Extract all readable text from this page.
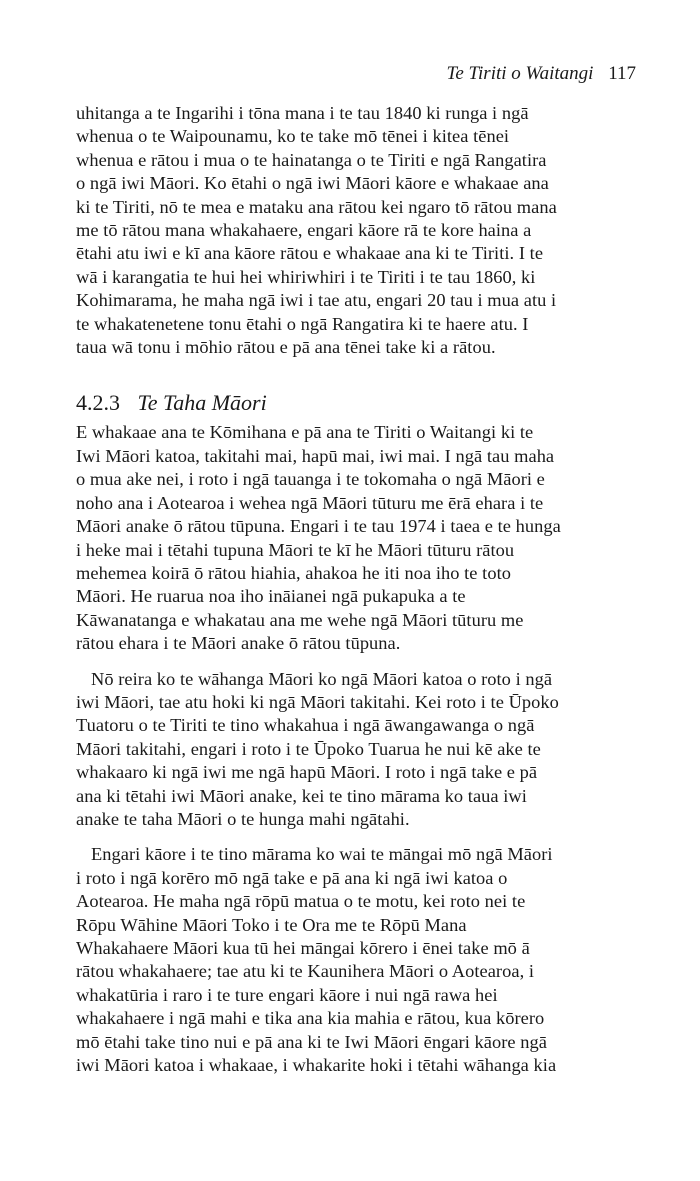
Te Tiriti o Waitangi 117
uhitanga a te Ingarihi i tōna mana i te tau 1840 ki runga i ngā
whenua o te Waipounamu, ko te take mō tēnei i kitea tēnei
whenua e rātou i mua o te hainatanga o te Tiriti e ngā Rangatira
o ngā iwi Māori. Ko ētahi o ngā iwi Māori kāore e whakaae ana
ki te Tiriti, nō te mea e mataku ana rātou kei ngaro tō rātou mana
me tō rātou mana whakahaere, engari kāore rā te kore haina a
ētahi atu iwi e kī ana kāore rātou e whakaae ana ki te Tiriti. I te
wā i karangatia te hui hei whiriwhiri i te Tiriti i te tau 1860, ki
Kohimarama, he maha ngā iwi i tae atu, engari 20 tau i mua atu i
te whakatenetene tonu ētahi o ngā Rangatira ki te haere atu. I
taua wā tonu i mōhio rātou e pā ana tēnei take ki a rātou.
4.2.3 Te Taha Māori
E whakaae ana te Kōmihana e pā ana te Tiriti o Waitangi ki te
Iwi Māori katoa, takitahi mai, hapū mai, iwi mai. I ngā tau maha
o mua ake nei, i roto i ngā tauanga i te tokomaha o ngā Māori e
noho ana i Aotearoa i wehea ngā Māori tūturu me ērā ehara i te
Māori anake ō rātou tūpuna. Engari i te tau 1974 i taea e te hunga
i heke mai i tētahi tupuna Māori te kī he Māori tūturu rātou
mehemea koirā ō rātou hiahia, ahakoa he iti noa iho te toto
Māori. He ruarua noa iho ināianei ngā pukapuka a te
Kāwanatanga e whakatau ana me wehe ngā Māori tūturu me
rātou ehara i te Māori anake ō rātou tūpuna.
Nō reira ko te wāhanga Māori ko ngā Māori katoa o roto i ngā
iwi Māori, tae atu hoki ki ngā Māori takitahi. Kei roto i te Ūpoko
Tuatoru o te Tiriti te tino whakahua i ngā āwangawanga o ngā
Māori takitahi, engari i roto i te Ūpoko Tuarua he nui kē ake te
whakaaro ki ngā iwi me ngā hapū Māori. I roto i ngā take e pā
ana ki tētahi iwi Māori anake, kei te tino mārama ko taua iwi
anake te taha Māori o te hunga mahi ngātahi.
Engari kāore i te tino mārama ko wai te māngai mō ngā Māori
i roto i ngā korēro mō ngā take e pā ana ki ngā iwi katoa o
Aotearoa. He maha ngā rōpū matua o te motu, kei roto nei te
Rōpu Wāhine Māori Toko i te Ora me te Rōpū Mana
Whakahaere Māori kua tū hei māngai kōrero i ēnei take mō ā
rātou whakahaere; tae atu ki te Kaunihera Māori o Aotearoa, i
whakatūria i raro i te ture engari kāore i nui ngā rawa hei
whakahaere i ngā mahi e tika ana kia mahia e rātou, kua kōrero
mō ētahi take tino nui e pā ana ki te Iwi Māori ēngari kāore ngā
iwi Māori katoa i whakaae, i whakarite hoki i tētahi wāhanga kia
